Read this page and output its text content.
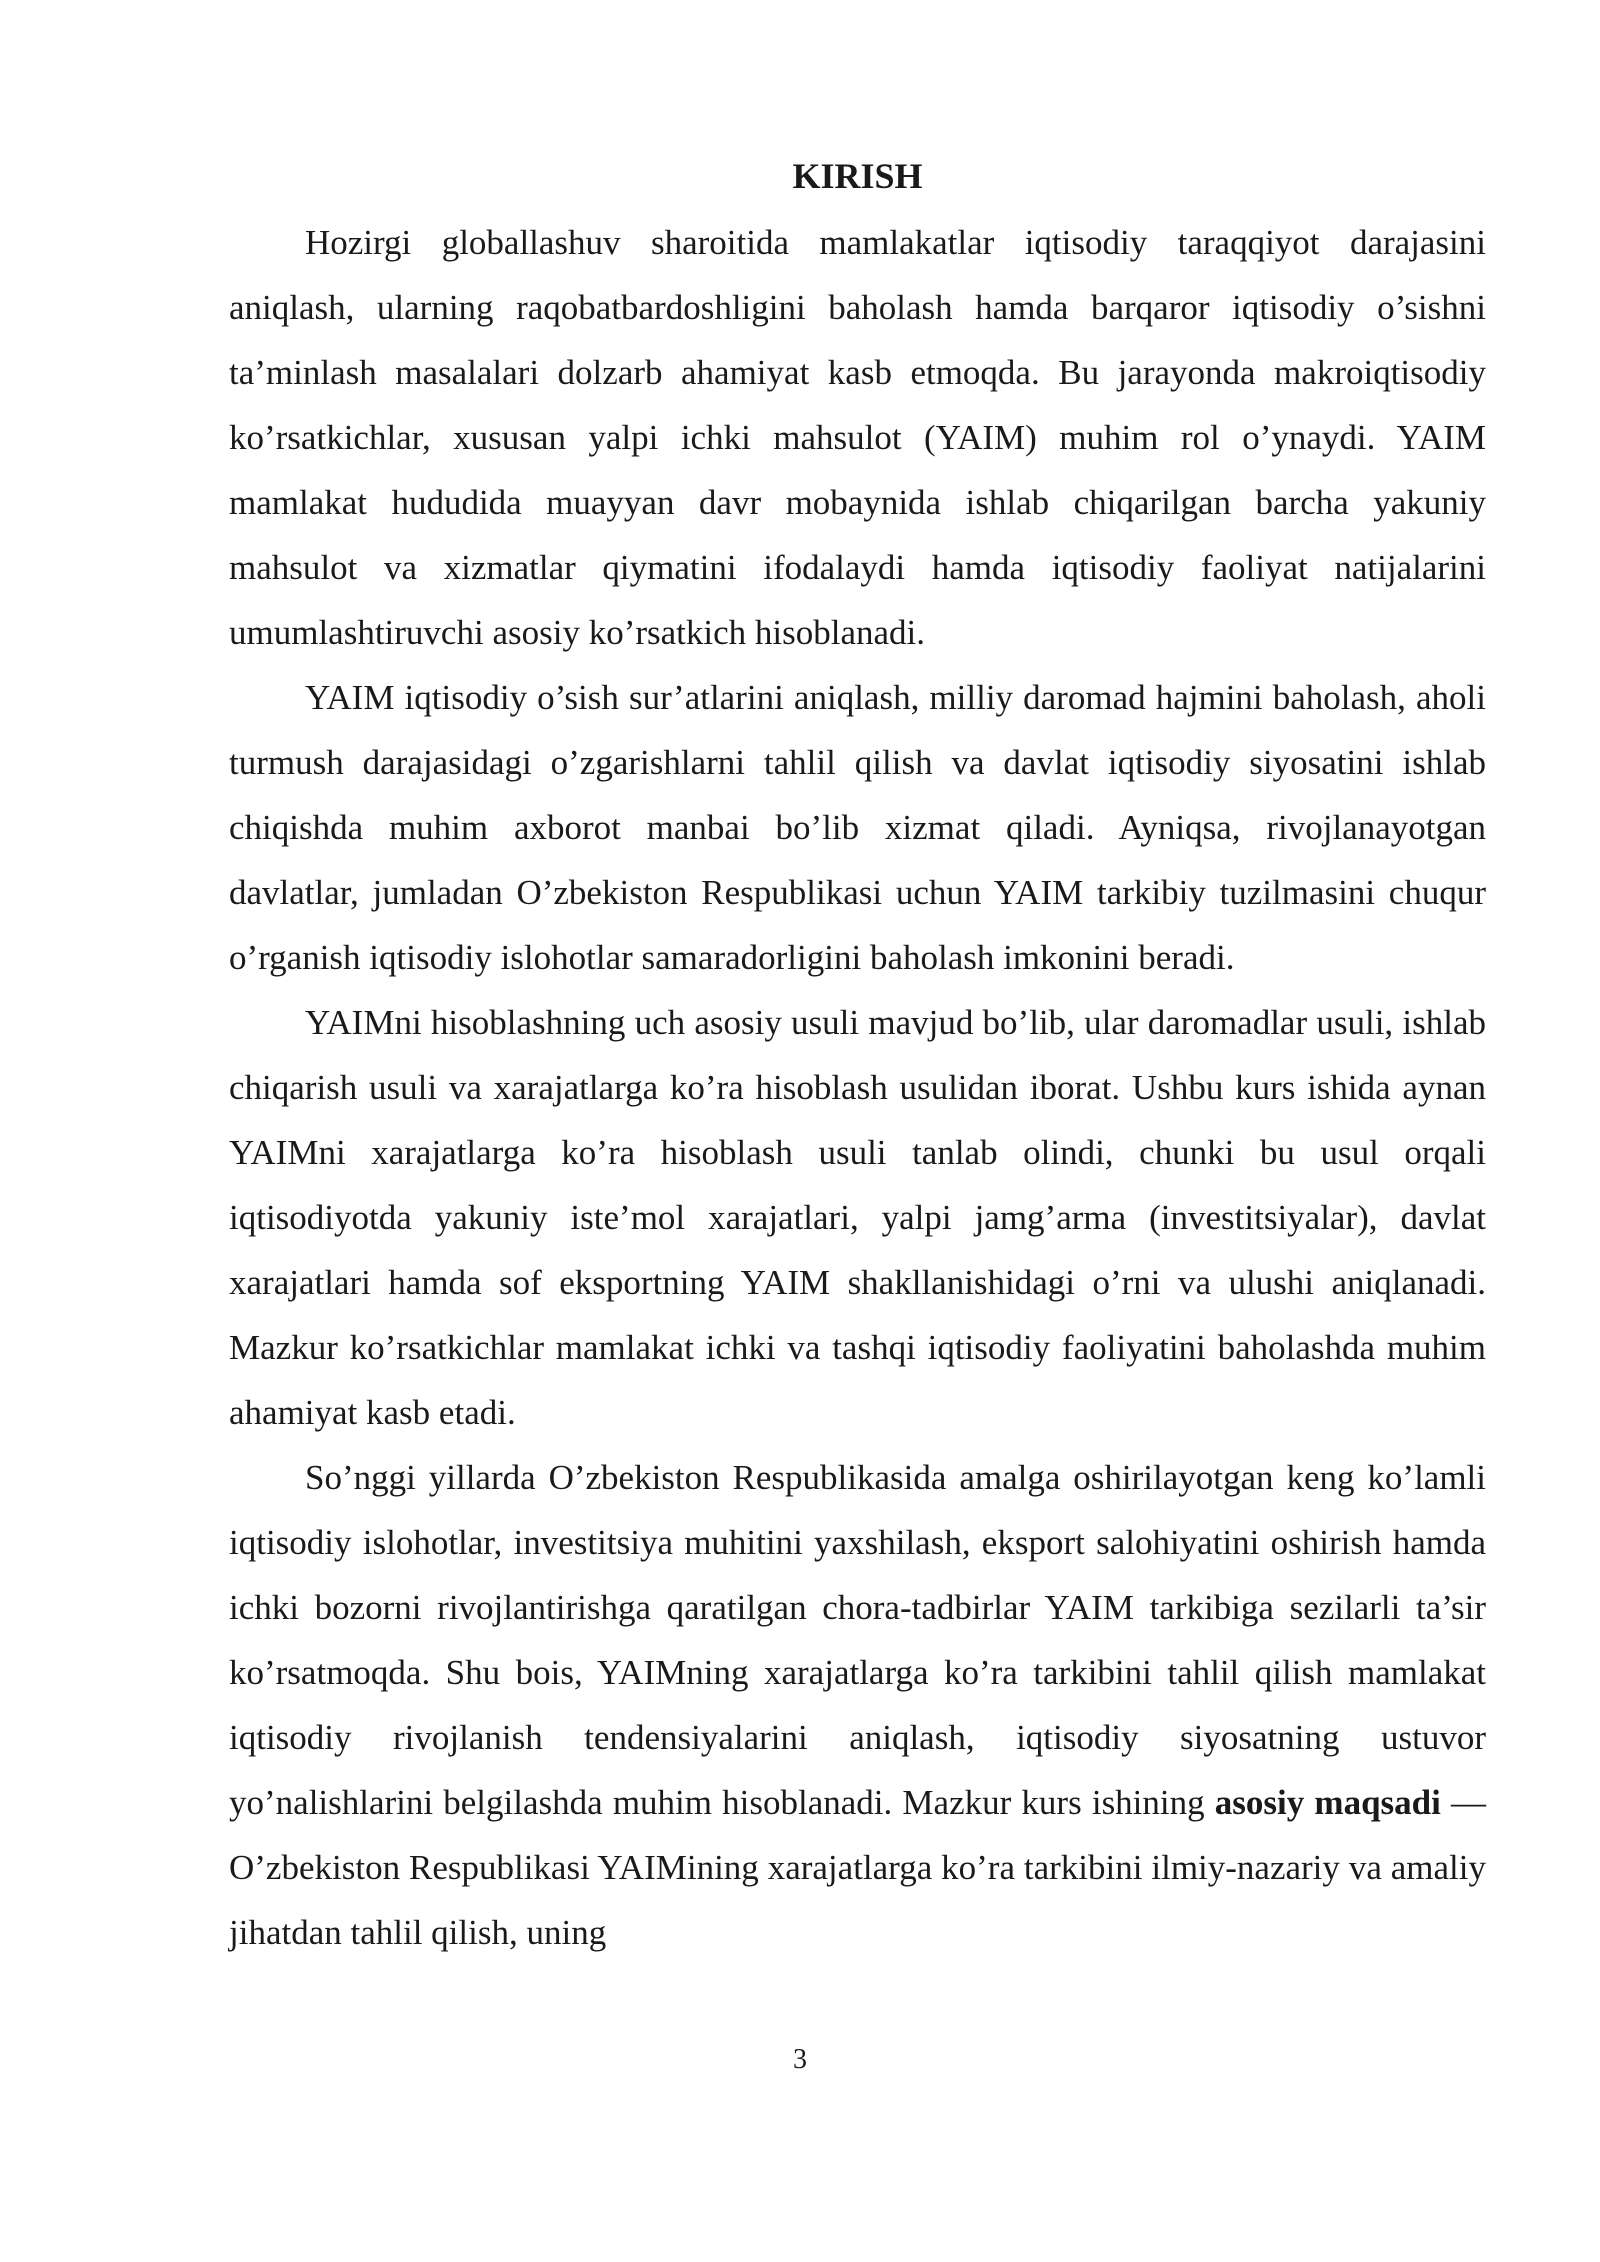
KIRISH

Hozirgi globallashuv sharoitida mamlakatlar iqtisodiy taraqqiyot darajasini aniqlash, ularning raqobatbardoshligini baholash hamda barqaror iqtisodiy o’sishni ta’minlash masalalari dolzarb ahamiyat kasb etmoqda. Bu jarayonda makroiqtisodiy ko’rsatkichlar, xususan yalpi ichki mahsulot (YAIM) muhim rol o’ynaydi. YAIM mamlakat hududida muayyan davr mobaynida ishlab chiqarilgan barcha yakuniy mahsulot va xizmatlar qiymatini ifodalaydi hamda iqtisodiy faoliyat natijalarini umumlashtiruvchi asosiy ko’rsatkich hisoblanadi.

YAIM iqtisodiy o’sish sur’atlarini aniqlash, milliy daromad hajmini baholash, aholi turmush darajasidagi o’zgarishlarni tahlil qilish va davlat iqtisodiy siyosatini ishlab chiqishda muhim axborot manbai bo’lib xizmat qiladi. Ayniqsa, rivojlanayotgan davlatlar, jumladan O’zbekiston Respublikasi uchun YAIM tarkibiy tuzilmasini chuqur o’rganish iqtisodiy islohotlar samaradorligini baholash imkonini beradi.

YAIMni hisoblashning uch asosiy usuli mavjud bo’lib, ular daromadlar usuli, ishlab chiqarish usuli va xarajatlarga ko’ra hisoblash usulidan iborat. Ushbu kurs ishida aynan YAIMni xarajatlarga ko’ra hisoblash usuli tanlab olindi, chunki bu usul orqali iqtisodiyotda yakuniy iste’mol xarajatlari, yalpi jamg’arma (investitsiyalar), davlat xarajatlari hamda sof eksportning YAIM shakllanishidagi o’rni va ulushi aniqlanadi. Mazkur ko’rsatkichlar mamlakat ichki va tashqi iqtisodiy faoliyatini baholashda muhim ahamiyat kasb etadi.

So’nggi yillarda O’zbekiston Respublikasida amalga oshirilayotgan keng ko’lamli iqtisodiy islohotlar, investitsiya muhitini yaxshilash, eksport salohiyatini oshirish hamda ichki bozorni rivojlantirishga qaratilgan chora-tadbirlar YAIM tarkibiga sezilarli ta’sir ko’rsatmoqda. Shu bois, YAIMning xarajatlarga ko’ra tarkibini tahlil qilish mamlakat iqtisodiy rivojlanish tendensiyalarini aniqlash, iqtisodiy siyosatning ustuvor yo’nalishlarini belgilashda muhim hisoblanadi. Mazkur kurs ishining asosiy maqsadi — O’zbekiston Respublikasi YAIMining xarajatlarga ko’ra tarkibini ilmiy-nazariy va amaliy jihatdan tahlil qilish, uning

3
